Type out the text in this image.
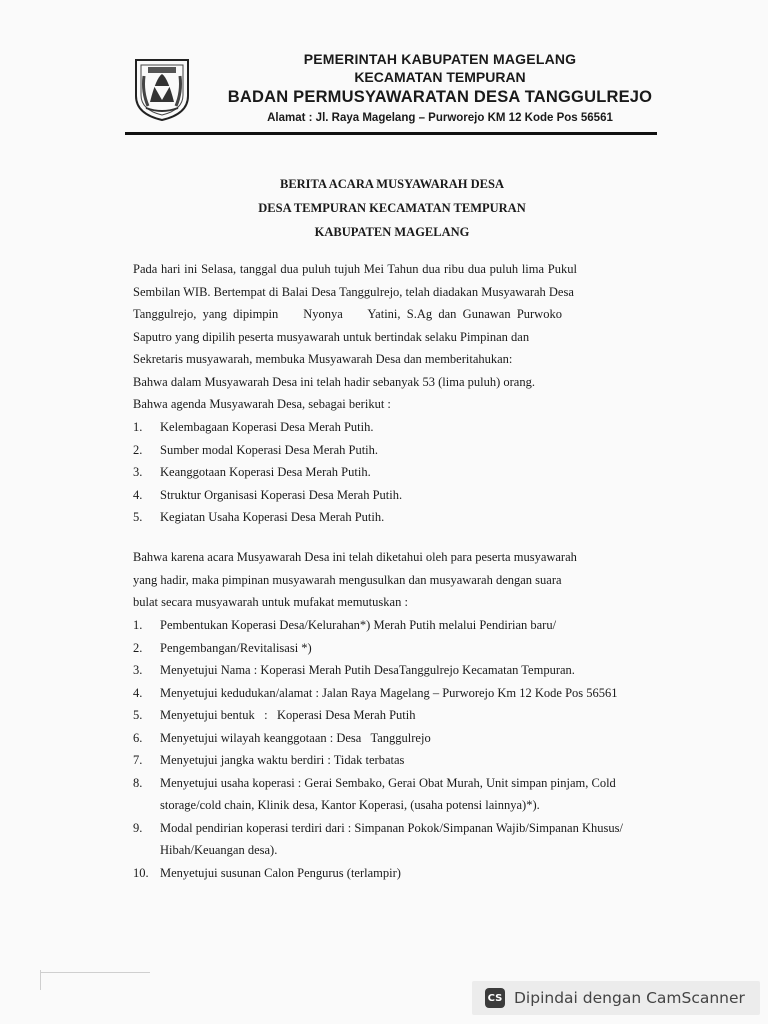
PEMERINTAH KABUPATEN MAGELANG
KECAMATAN TEMPURAN
BADAN PERMUSYAWARATAN DESA TANGGULREJO
Alamat : Jl. Raya Magelang – Purworejo KM 12 Kode Pos 56561
BERITA ACARA MUSYAWARAH DESA
DESA TEMPURAN KECAMATAN TEMPURAN
KABUPATEN MAGELANG
Pada hari ini Selasa, tanggal dua puluh tujuh Mei Tahun dua ribu dua puluh lima Pukul
Sembilan WIB. Bertempat di Balai Desa Tanggulrejo, telah diadakan Musyawarah Desa
Tanggulrejo,  yang  dipimpin        Nyonya        Yatini,  S.Ag  dan  Gunawan  Purwoko
Saputro yang dipilih peserta musyawarah untuk bertindak selaku Pimpinan dan
Sekretaris musyawarah, membuka Musyawarah Desa dan memberitahukan:
Bahwa dalam Musyawarah Desa ini telah hadir sebanyak 53 (lima puluh) orang.
Bahwa agenda Musyawarah Desa, sebagai berikut :
1.	Kelembagaan Koperasi Desa Merah Putih.
2.	Sumber modal Koperasi Desa Merah Putih.
3.	Keanggotaan Koperasi Desa Merah Putih.
4.	Struktur Organisasi Koperasi Desa Merah Putih.
5.	Kegiatan Usaha Koperasi Desa Merah Putih.
Bahwa karena acara Musyawarah Desa ini telah diketahui oleh para peserta musyawarah
yang hadir, maka pimpinan musyawarah mengusulkan dan musyawarah dengan suara
bulat secara musyawarah untuk mufakat memutuskan :
1.	Pembentukan Koperasi Desa/Kelurahan*) Merah Putih melalui Pendirian baru/
2.	Pengembangan/Revitalisasi *)
3.	Menyetujui Nama : Koperasi Merah Putih DesaTanggulrejo Kecamatan Tempuran.
4.	Menyetujui kedudukan/alamat : Jalan Raya Magelang – Purworejo Km 12 Kode Pos 56561
5.	Menyetujui bentuk   :   Koperasi Desa Merah Putih
6.	Menyetujui wilayah keanggotaan : Desa   Tanggulrejo
7.	Menyetujui jangka waktu berdiri : Tidak terbatas
8.	Menyetujui usaha koperasi : Gerai Sembako, Gerai Obat Murah, Unit simpan pinjam, Cold storage/cold chain, Klinik desa, Kantor Koperasi, (usaha potensi lainnya)*).
9.	Modal pendirian koperasi terdiri dari : Simpanan Pokok/Simpanan Wajib/Simpanan Khusus/ Hibah/Keuangan desa).
10. Menyetujui susunan Calon Pengurus (terlampir)
CS Dipindai dengan CamScanner
